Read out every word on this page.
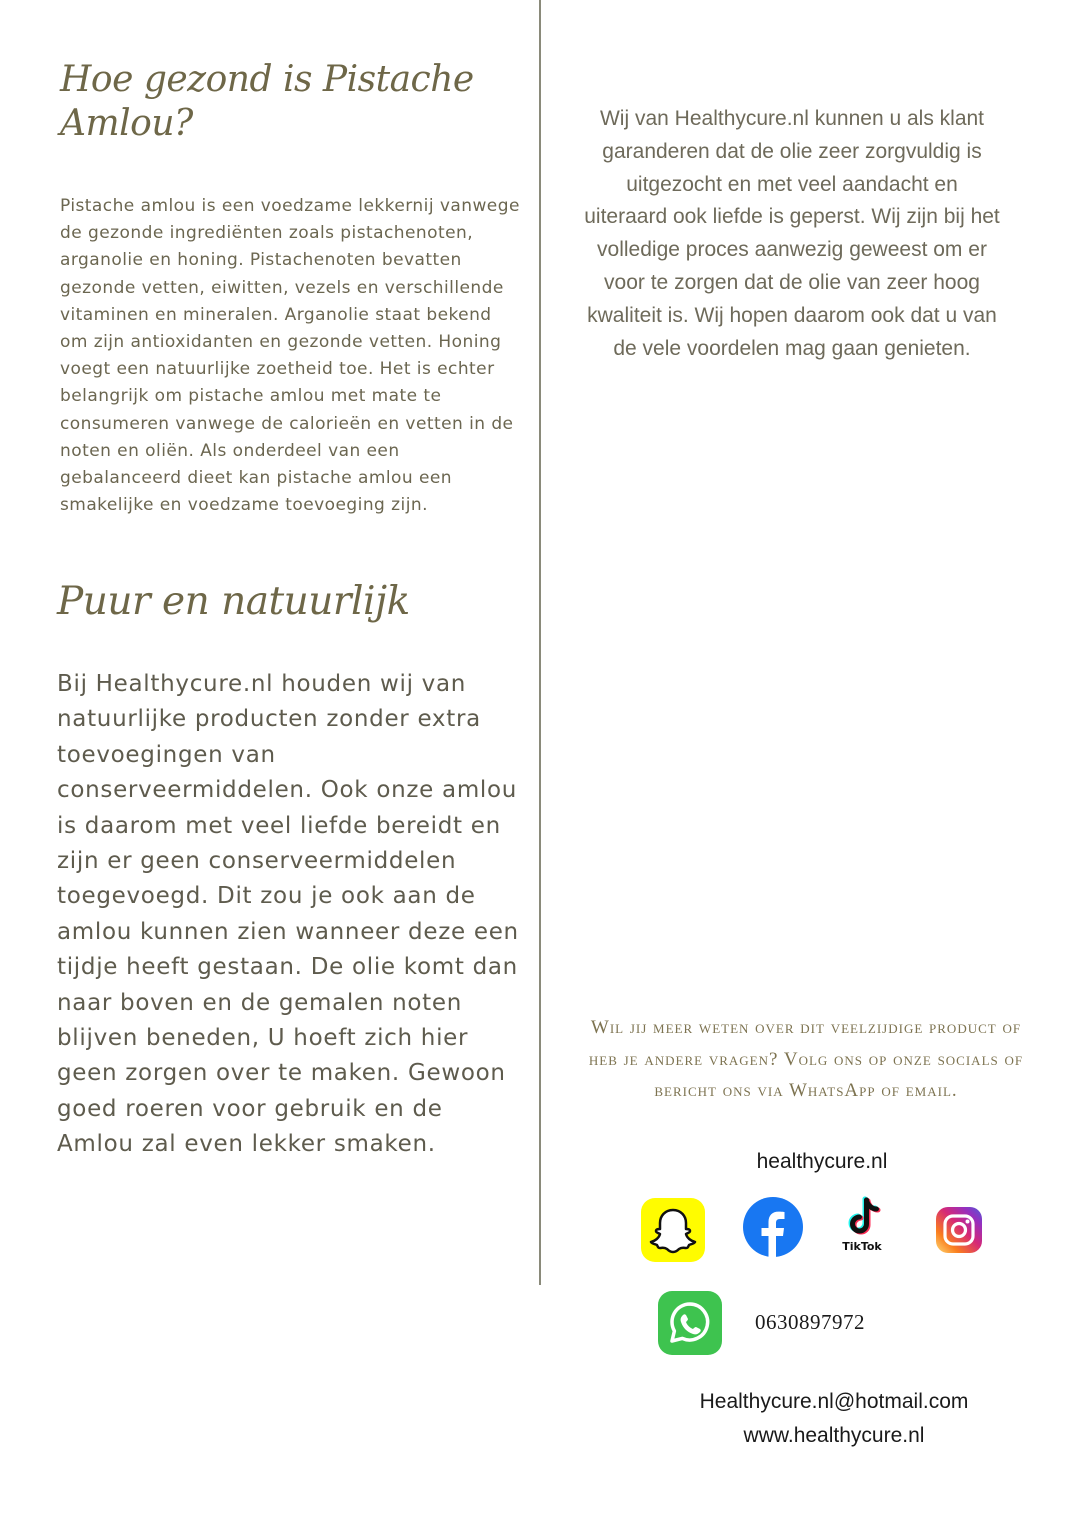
Hoe gezond is Pistache
Amlou?

Pistache amlou is een voedzame lekkernij vanwege de gezonde ingrediënten zoals pistachenoten, arganolie en honing. Pistachenoten bevatten gezonde vetten, eiwitten, vezels en verschillende vitaminen en mineralen. Arganolie staat bekend om zijn antioxidanten en gezonde vetten. Honing voegt een natuurlijke zoetheid toe. Het is echter belangrijk om pistache amlou met mate te consumeren vanwege de calorieën en vetten in de noten en oliën. Als onderdeel van een gebalanceerd dieet kan pistache amlou een smakelijke en voedzame toevoeging zijn.

Puur en natuurlijk

Bij Healthycure.nl houden wij van natuurlijke producten zonder extra toevoegingen van conserveermiddelen. Ook onze amlou is daarom met veel liefde bereidt en zijn er geen conserveermiddelen toegevoegd. Dit zou je ook aan de amlou kunnen zien wanneer deze een tijdje heeft gestaan. De olie komt dan naar boven en de gemalen noten blijven beneden, U hoeft zich hier geen zorgen over te maken. Gewoon goed roeren voor gebruik en de Amlou zal even lekker smaken.

Wij van Healthycure.nl kunnen u als klant garanderen dat de olie zeer zorgvuldig is uitgezocht en met veel aandacht en uiteraard ook liefde is geperst. Wij zijn bij het volledige proces aanwezig geweest om er voor te zorgen dat de olie van zeer hoog kwaliteit is. Wij hopen daarom ook dat u van de vele voordelen mag gaan genieten.

Wil jij meer weten over dit veelzijdige product of heb je andere vragen? Volg ons op onze socials of bericht ons via WhatsApp of email.

healthycure.nl

TikTok

0630897972

Healthycure.nl@hotmail.com

www.healthycure.nl
